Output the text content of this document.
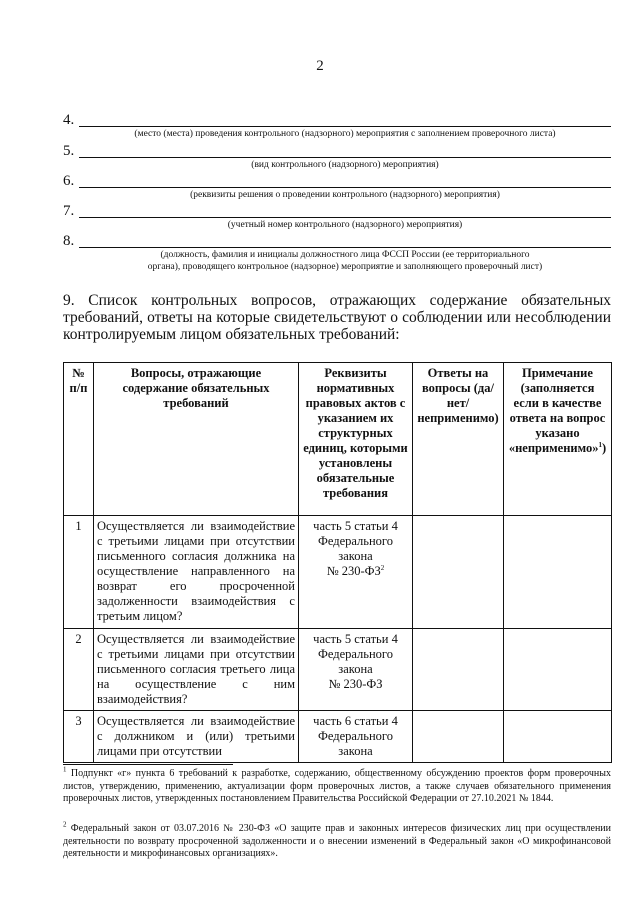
2
4.
(место (места) проведения контрольного (надзорного) мероприятия с заполнением проверочного листа)
5.
(вид контрольного (надзорного) мероприятия)
6.
(реквизиты решения о проведении контрольного (надзорного) мероприятия)
7.
(учетный номер контрольного (надзорного) мероприятия)
8.
(должность, фамилия и инициалы должностного лица ФССП России (ее территориального
органа), проводящего контрольное (надзорное) мероприятие и заполняющего проверочный лист)
9. Список контрольных вопросов, отражающих содержание обязательных
требований, ответы на которые свидетельствуют о соблюдении или несоблюдении контролируемым лицом обязательных требований:
№ п/п	Вопросы, отражающие содержание обязательных требований	Реквизиты нормативных правовых актов с указанием их структурных единиц, которыми установлены обязательные требования	Ответы на вопросы (да/нет/ неприменимо)	Примечание (заполняется если в качестве ответа на вопрос указано «неприменимо»$^1$)
1	Осуществляется ли взаимодействие с третьими лицами при отсутствии письменного согласия должника на осуществление направленного на возврат его просроченной задолженности взаимодействия с третьим лицом?	часть 5 статьи 4
Федерального
закона
№ $230-ФЗ^2$

2	Осуществляется ли взаимодействие с третьими лицами при отсутствии письменного согласия третьего лица на осуществление с ним взаимодействия?	часть 5 статьи 4
Федерального
закона
№ 230-ФЗ		

3	Осуществляется ли взаимодействие с должником и (или) третьими лицами при отсутствии	часть 6 статьи 4
Федерального
закона		

$^1$ Подпункт «г» пункта 6 требований к разработке, содержанию, общественному обсуждению проектов форм проверочных листов, утверждению, применению, актуализации форм проверочных листов, а также случаев обязательного применения проверочных листов, утвержденных постановлением Правительства Российской Федерации от 27.10.2021 № 1844.
$^2$ Федеральный закон от 03.07.2016 № 230-ФЗ «О защите прав и законных интересов физических лиц при осуществлении деятельности по возврату просроченной задолженности и о внесении изменений в Федеральный закон «О микрофинансовой деятельности и микрофинансовых организациях».
